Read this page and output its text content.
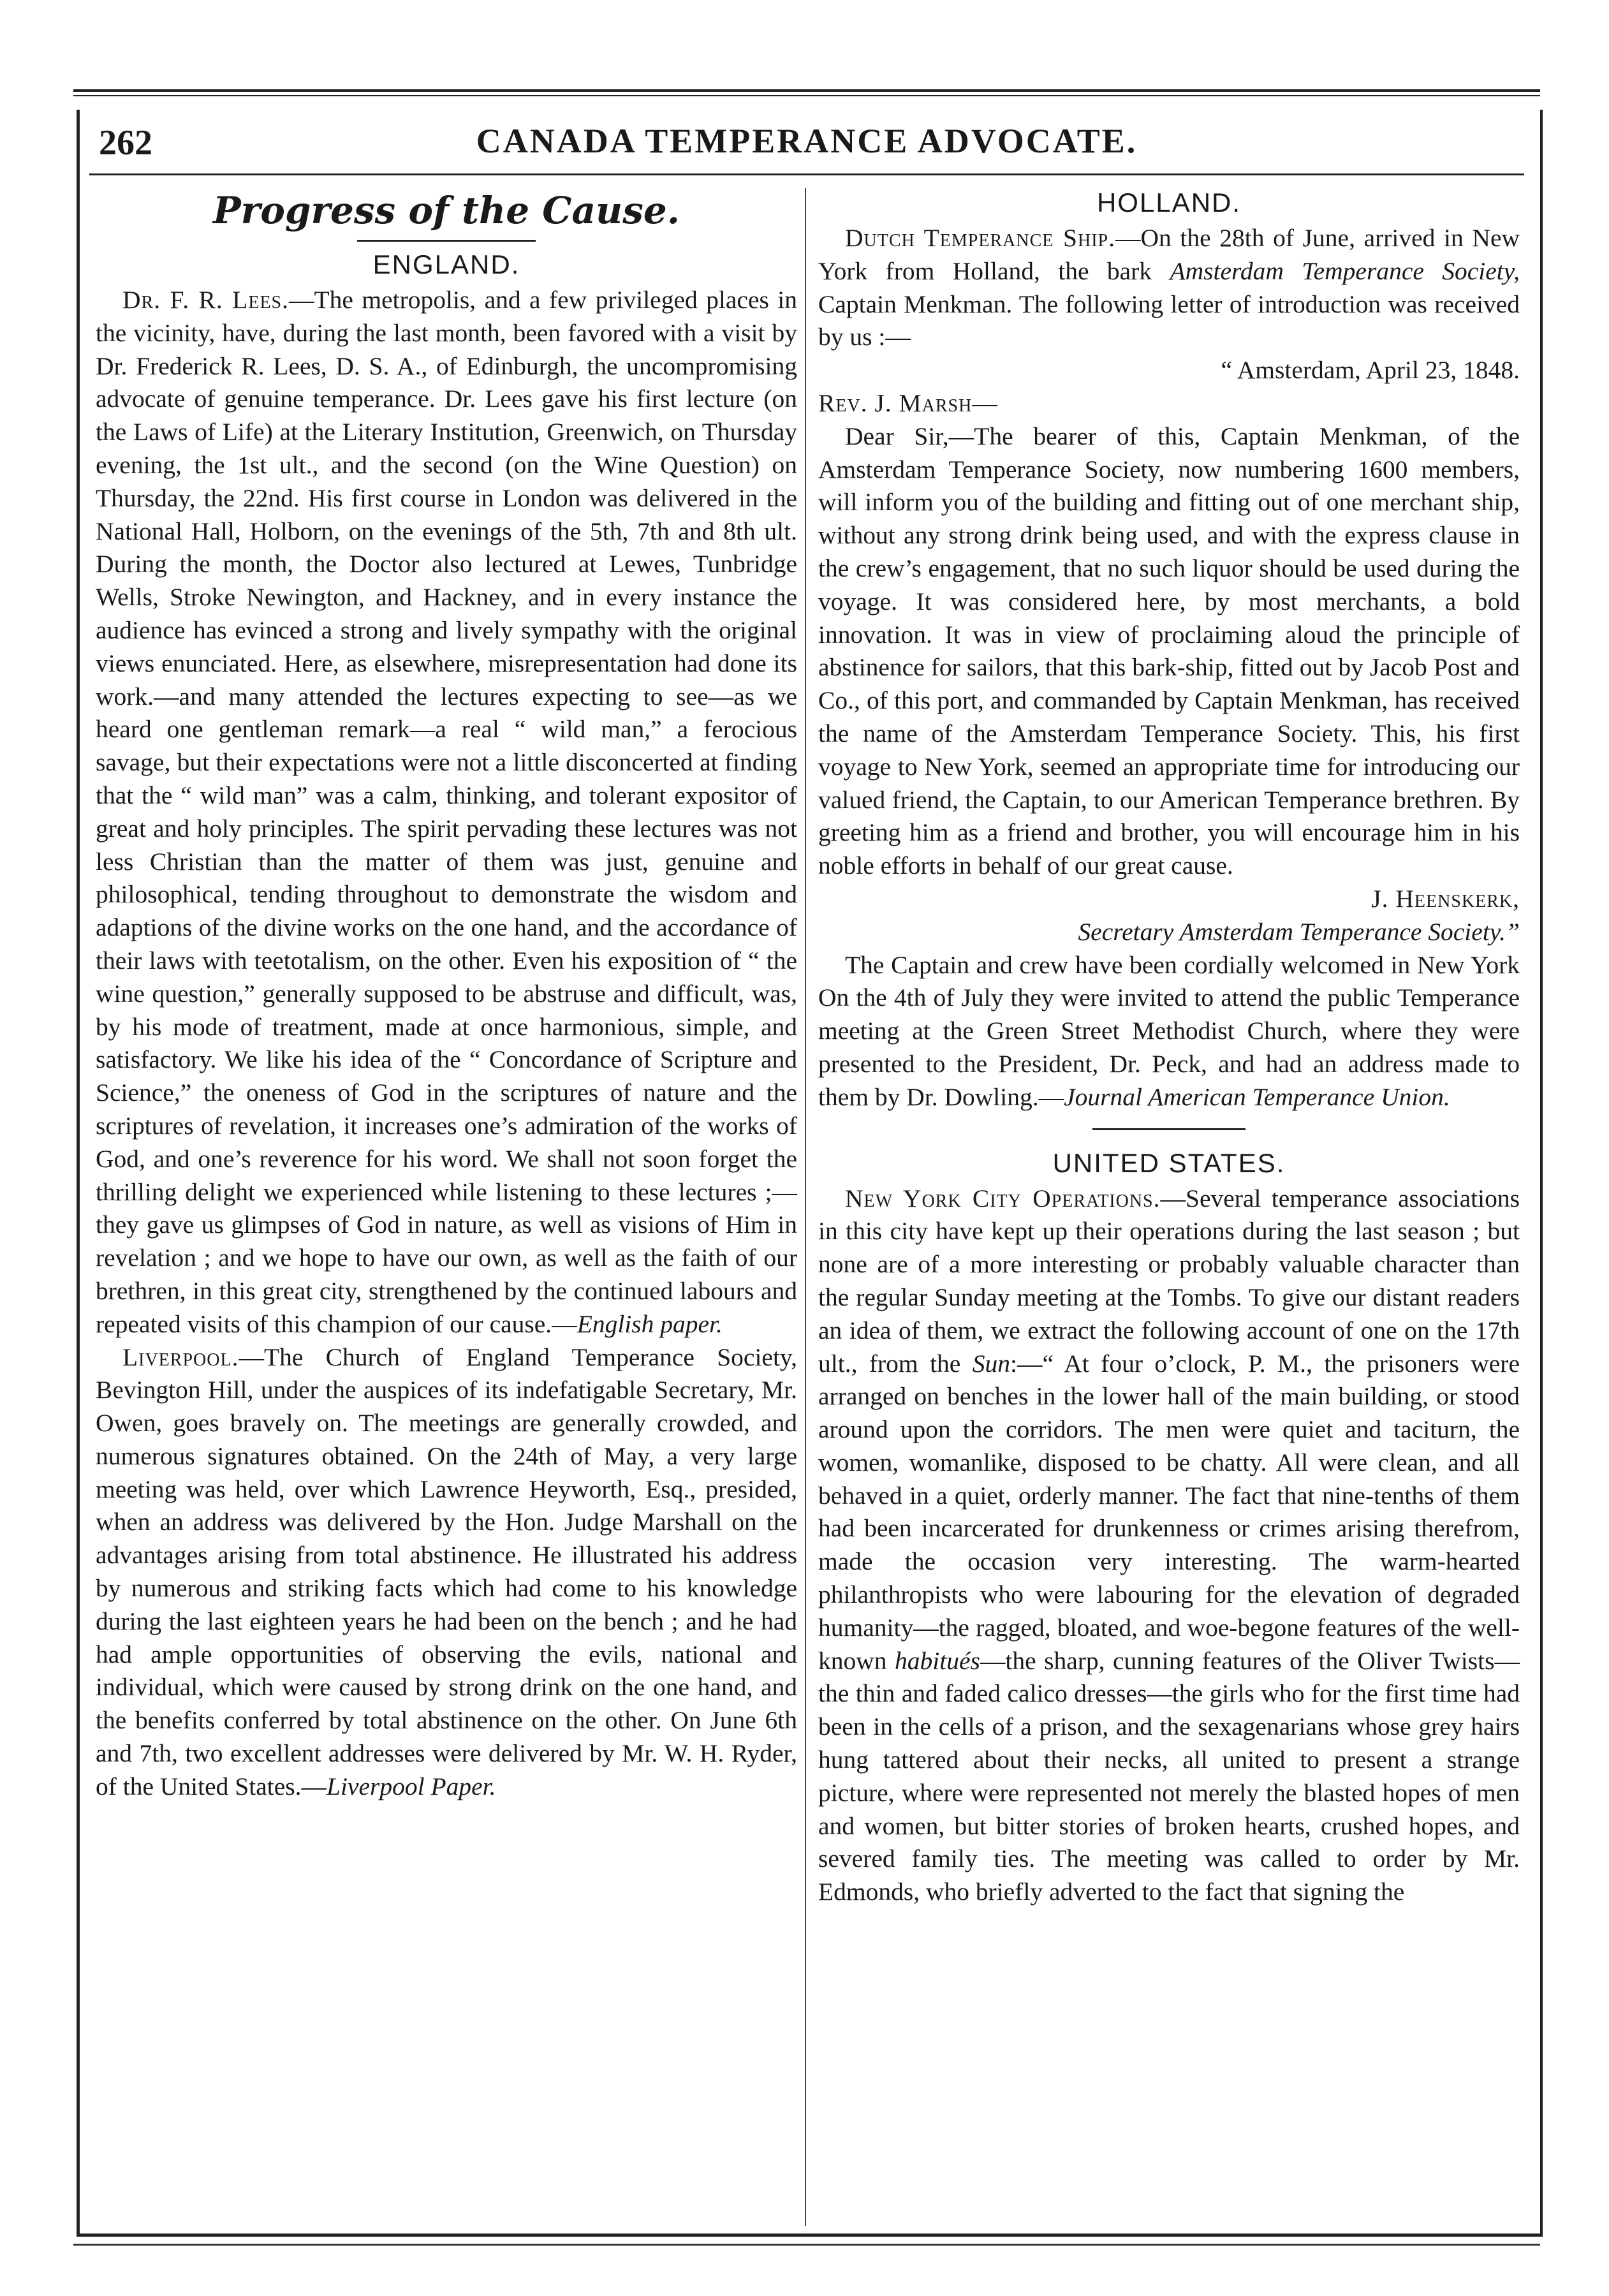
262	CANADA TEMPERANCE ADVOCATE.
Progress of the Cause.
ENGLAND.

Dr. F. R. Lees.—The metropolis, and a few privileged places in the vicinity, have, during the last month, been favored with a visit by Dr. Frederick R. Lees, D. S. A., of Edinburgh, the uncompromising advocate of genuine temperance. Dr. Lees gave his first lecture (on the Laws of Life) at the Literary Institution, Greenwich, on Thursday evening, the 1st ult., and the second (on the Wine Question) on Thursday, the 22nd. His first course in London was delivered in the National Hall, Holborn, on the evenings of the 5th, 7th and 8th ult. During the month, the Doctor also lectured at Lewes, Tunbridge Wells, Stroke Newington, and Hackney, and in every instance the audience has evinced a strong and lively sympathy with the original views enunciated. Here, as elsewhere, misrepresentation had done its work.—and many attended the lectures expecting to see—as we heard one gentleman remark—a real “ wild man,” a ferocious savage, but their expectations were not a little disconcerted at finding that the “ wild man” was a calm, thinking, and tolerant expositor of great and holy principles. The spirit pervading these lectures was not less Christian than the matter of them was just, genuine and philosophical, tending throughout to demonstrate the wisdom and adaptions of the divine works on the one hand, and the accordance of their laws with teetotalism, on the other. Even his exposition of “ the wine question,” generally supposed to be abstruse and difficult, was, by his mode of treatment, made at once harmonious, simple, and satisfactory. We like his idea of the “ Concordance of Scripture and Science,” the oneness of God in the scriptures of nature and the scriptures of revelation, it increases one’s admiration of the works of God, and one’s reverence for his word. We shall not soon forget the thrilling delight we experienced while listening to these lectures ;—they gave us glimpses of God in nature, as well as visions of Him in revelation ; and we hope to have our own, as well as the faith of our brethren, in this great city, strengthened by the continued labours and repeated visits of this champion of our cause.—English paper.

Liverpool.—The Church of England Temperance Society, Bevington Hill, under the auspices of its indefatigable Secretary, Mr. Owen, goes bravely on. The meetings are generally crowded, and numerous signatures obtained. On the 24th of May, a very large meeting was held, over which Lawrence Heyworth, Esq., presided, when an address was delivered by the Hon. Judge Marshall on the advantages arising from total abstinence. He illustrated his address by numerous and striking facts which had come to his knowledge during the last eighteen years he had been on the bench ; and he had had ample opportunities of observing the evils, national and individual, which were caused by strong drink on the one hand, and the benefits conferred by total abstinence on the other. On June 6th and 7th, two excellent addresses were delivered by Mr. W. H. Ryder, of the United States.—Liverpool Paper.

HOLLAND.

Dutch Temperance Ship.—On the 28th of June, arrived in New York from Holland, the bark Amsterdam Temperance Society, Captain Menkman. The following letter of introduction was received by us :—

“ Amsterdam, April 23, 1848.

Rev. J. Marsh—

Dear Sir,—The bearer of this, Captain Menkman, of the Amsterdam Temperance Society, now numbering 1600 members, will inform you of the building and fitting out of one merchant ship, without any strong drink being used, and with the express clause in the crew’s engagement, that no such liquor should be used during the voyage. It was considered here, by most merchants, a bold innovation. It was in view of proclaiming aloud the principle of abstinence for sailors, that this bark-ship, fitted out by Jacob Post and Co., of this port, and commanded by Captain Menkman, has received the name of the Amsterdam Temperance Society. This, his first voyage to New York, seemed an appropriate time for introducing our valued friend, the Captain, to our American Temperance brethren. By greeting him as a friend and brother, you will encourage him in his noble efforts in behalf of our great cause.

J. Heenskerk,

Secretary Amsterdam Temperance Society.”

The Captain and crew have been cordially welcomed in New York On the 4th of July they were invited to attend the public Temperance meeting at the Green Street Methodist Church, where they were presented to the President, Dr. Peck, and had an address made to them by Dr. Dowling.—Journal American Temperance Union.

UNITED STATES.

New York City Operations.—Several temperance associations in this city have kept up their operations during the last season ; but none are of a more interesting or probably valuable character than the regular Sunday meeting at the Tombs. To give our distant readers an idea of them, we extract the following account of one on the 17th ult., from the Sun:—“ At four o’clock, P. M., the prisoners were arranged on benches in the lower hall of the main building, or stood around upon the corridors. The men were quiet and taciturn, the women, womanlike, disposed to be chatty. All were clean, and all behaved in a quiet, orderly manner. The fact that nine-tenths of them had been incarcerated for drunkenness or crimes arising therefrom, made the occasion very interesting. The warm-hearted philanthropists who were labouring for the elevation of degraded humanity—the ragged, bloated, and woe-begone features of the well-known habitués—the sharp, cunning features of the Oliver Twists—the thin and faded calico dresses—the girls who for the first time had been in the cells of a prison, and the sexagenarians whose grey hairs hung tattered about their necks, all united to present a strange picture, where were represented not merely the blasted hopes of men and women, but bitter stories of broken hearts, crushed hopes, and severed family ties. The meeting was called to order by Mr. Edmonds, who briefly adverted to the fact that signing the
